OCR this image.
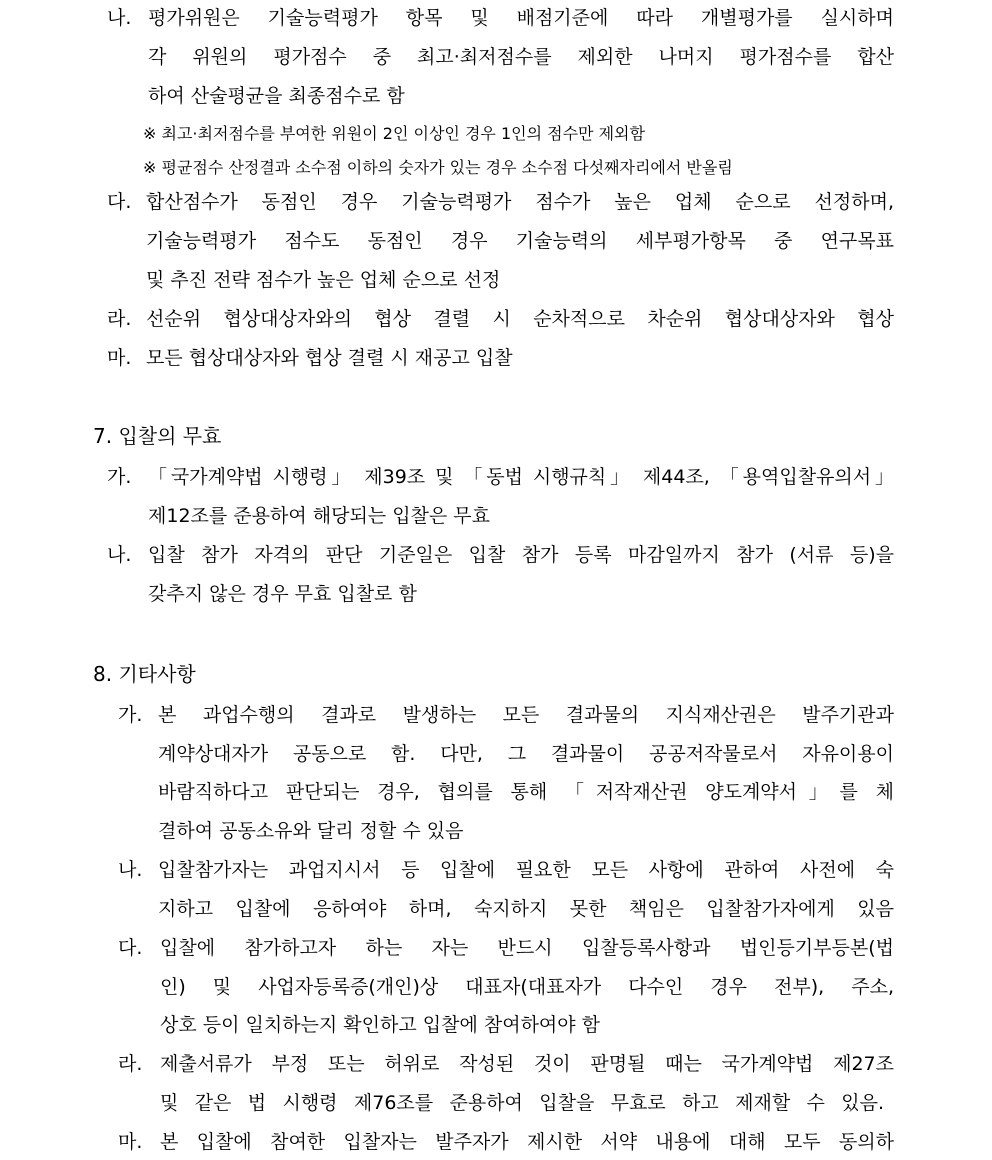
나. 평가위원은 기술능력평가 항목 및 배점기준에 따라 개별평가를 실시하며
각 위원의 평가점수 중 최고·최저점수를 제외한 나머지 평가점수를 합산
하여 산술평균을 최종점수로 함
※ 최고·최저점수를 부여한 위원이 2인 이상인 경우 1인의 점수만 제외함
※ 평균점수 산정결과 소수점 이하의 숫자가 있는 경우 소수점 다섯째자리에서 반올림
다. 합산점수가 동점인 경우 기술능력평가 점수가 높은 업체 순으로 선정하며,
기술능력평가 점수도 동점인 경우 기술능력의 세부평가항목 중 연구목표
및 추진 전략 점수가 높은 업체 순으로 선정
라. 선순위 협상대상자와의 협상 결렬 시 순차적으로 차순위 협상대상자와 협상
마. 모든 협상대상자와 협상 결렬 시 재공고 입찰
7. 입찰의 무효
가. 「국가계약법 시행령」 제39조 및 「동법 시행규칙」 제44조, 「용역입찰유의서」
제12조를 준용하여 해당되는 입찰은 무효
나. 입찰 참가 자격의 판단 기준일은 입찰 참가 등록 마감일까지 참가 (서류 등)을
갖추지 않은 경우 무효 입찰로 함
8. 기타사항
가. 본 과업수행의 결과로 발생하는 모든 결과물의 지식재산권은 발주기관과
계약상대자가 공동으로 함. 다만, 그 결과물이 공공저작물로서 자유이용이
바람직하다고 판단되는 경우, 협의를 통해 「저작재산권 양도계약서」를 체
결하여 공동소유와 달리 정할 수 있음
나. 입찰참가자는 과업지시서 등 입찰에 필요한 모든 사항에 관하여 사전에 숙
지하고 입찰에 응하여야 하며, 숙지하지 못한 책임은 입찰참가자에게 있음
다. 입찰에 참가하고자 하는 자는 반드시 입찰등록사항과 법인등기부등본(법
인) 및 사업자등록증(개인)상 대표자(대표자가 다수인 경우 전부), 주소,
상호 등이 일치하는지 확인하고 입찰에 참여하여야 함
라. 제출서류가 부정 또는 허위로 작성된 것이 판명될 때는 국가계약법 제27조
및 같은 법 시행령 제76조를 준용하여 입찰을 무효로 하고 제재할 수 있음.
마. 본 입찰에 참여한 입찰자는 발주자가 제시한 서약 내용에 대해 모두 동의하
